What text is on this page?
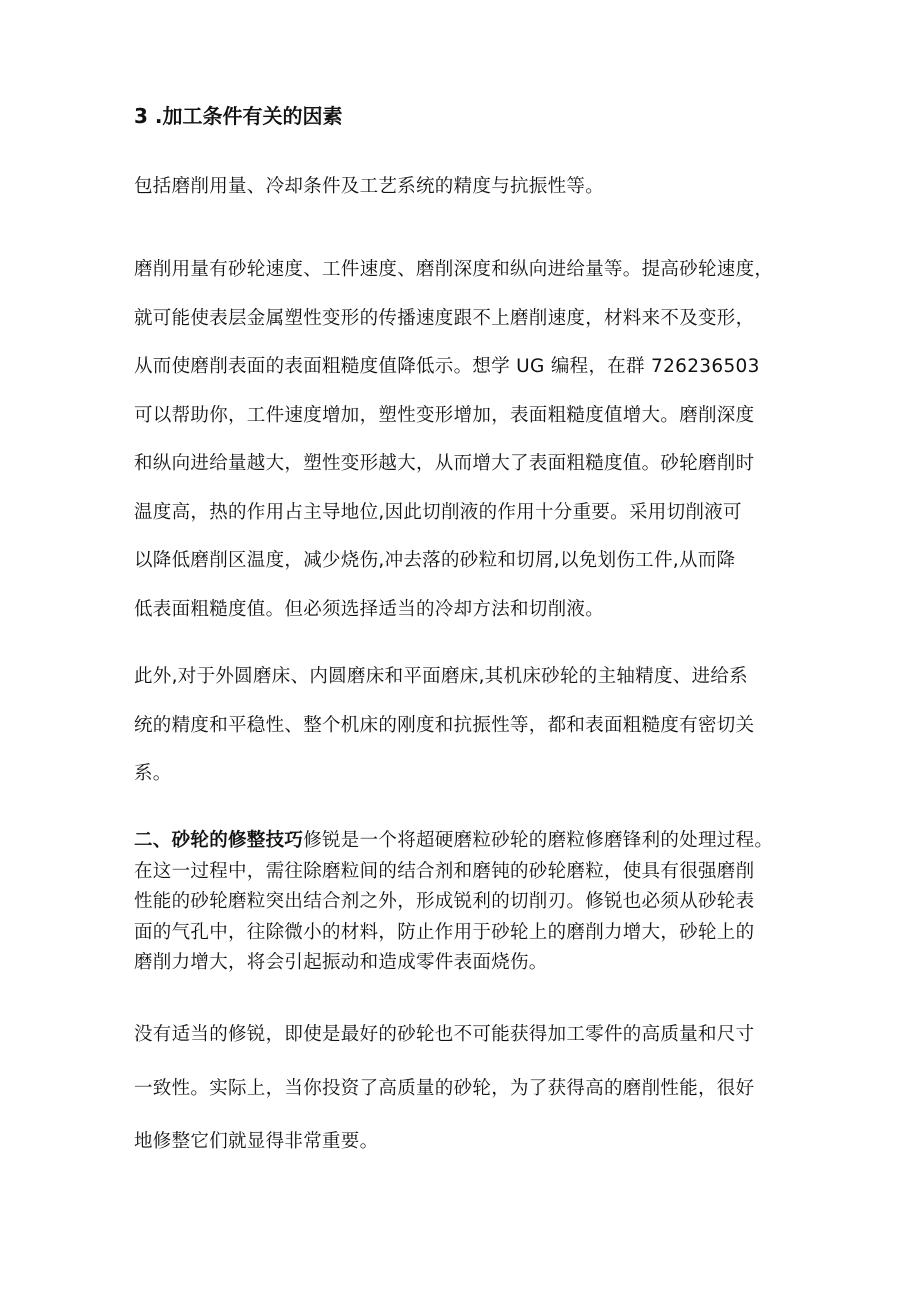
3 .加工条件有关的因素
包括磨削用量、冷却条件及工艺系统的精度与抗振性等。
磨削用量有砂轮速度、工件速度、磨削深度和纵向进给量等。提高砂轮速度，
就可能使表层金属塑性变形的传播速度跟不上磨削速度，材料来不及变形，
从而使磨削表面的表面粗糙度值降低示。想学 UG 编程，在群 726236503
可以帮助你，工件速度增加，塑性变形增加，表面粗糙度值增大。磨削深度
和纵向进给量越大，塑性变形越大，从而增大了表面粗糙度值。砂轮磨削时
温度高，热的作用占主导地位,因此切削液的作用十分重要。采用切削液可
以降低磨削区温度，减少烧伤,冲去落的砂粒和切屑,以免划伤工件,从而降
低表面粗糙度值。但必须选择适当的冷却方法和切削液。
此外,对于外圆磨床、内圆磨床和平面磨床,其机床砂轮的主轴精度、进给系
统的精度和平稳性、整个机床的刚度和抗振性等，都和表面粗糙度有密切关
系。
二、砂轮的修整技巧修锐是一个将超硬磨粒砂轮的磨粒修磨锋利的处理过程。
在这一过程中，需往除磨粒间的结合剂和磨钝的砂轮磨粒，使具有很强磨削
性能的砂轮磨粒突出结合剂之外，形成锐利的切削刃。修锐也必须从砂轮表
面的气孔中，往除微小的材料，防止作用于砂轮上的磨削力增大，砂轮上的
磨削力增大，将会引起振动和造成零件表面烧伤。
没有适当的修锐，即使是最好的砂轮也不可能获得加工零件的高质量和尺寸
一致性。实际上，当你投资了高质量的砂轮，为了获得高的磨削性能，很好
地修整它们就显得非常重要。
